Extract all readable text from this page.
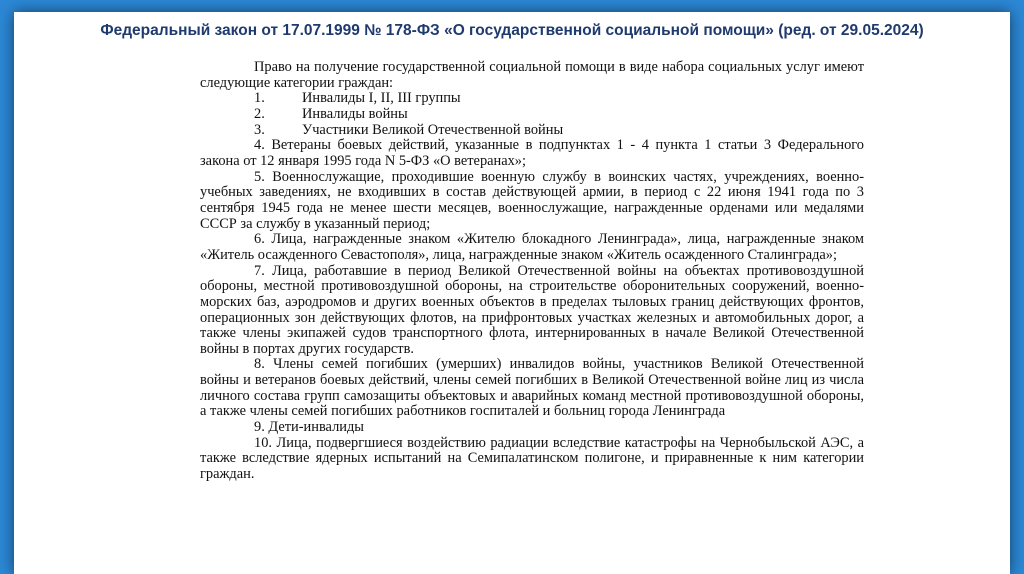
Федеральный закон от 17.07.1999 № 178-ФЗ «О государственной социальной помощи» (ред. от 29.05.2024)

Право на получение государственной социальной помощи в виде набора социальных услуг имеют следующие категории граждан:

1.	Инвалиды I, II, III группы

2.	Инвалиды войны

3.	Участники Великой Отечественной войны

4. Ветераны боевых действий, указанные в подпунктах 1 - 4 пункта 1 статьи 3 Федерального закона от 12 января 1995 года N 5-ФЗ «О ветеранах»;

5. Военнослужащие, проходившие военную службу в воинских частях, учреждениях, военно-учебных заведениях, не входивших в состав действующей армии, в период с 22 июня 1941 года по 3 сентября 1945 года не менее шести месяцев, военнослужащие, награжденные орденами или медалями СССР за службу в указанный период;

6. Лица, награжденные знаком «Жителю блокадного Ленинграда», лица, награжденные знаком «Житель осажденного Севастополя», лица, награжденные знаком «Житель осажденного Сталинграда»;

7. Лица, работавшие в период Великой Отечественной войны на объектах противовоздушной обороны, местной противовоздушной обороны, на строительстве оборонительных сооружений, военно-морских баз, аэродромов и других военных объектов в пределах тыловых границ действующих фронтов, операционных зон действующих флотов, на прифронтовых участках железных и автомобильных дорог, а также члены экипажей судов транспортного флота, интернированных в начале Великой Отечественной войны в портах других государств.

8. Члены семей погибших (умерших) инвалидов войны, участников Великой Отечественной войны и ветеранов боевых действий, члены семей погибших в Великой Отечественной войне лиц из числа личного состава групп самозащиты объектовых и аварийных команд местной противовоздушной обороны, а также члены семей погибших работников госпиталей и больниц города Ленинграда

9. Дети-инвалиды

10. Лица, подвергшиеся воздействию радиации вследствие катастрофы на Чернобыльской АЭС, а также вследствие ядерных испытаний на Семипалатинском полигоне, и приравненные к ним категории граждан.
